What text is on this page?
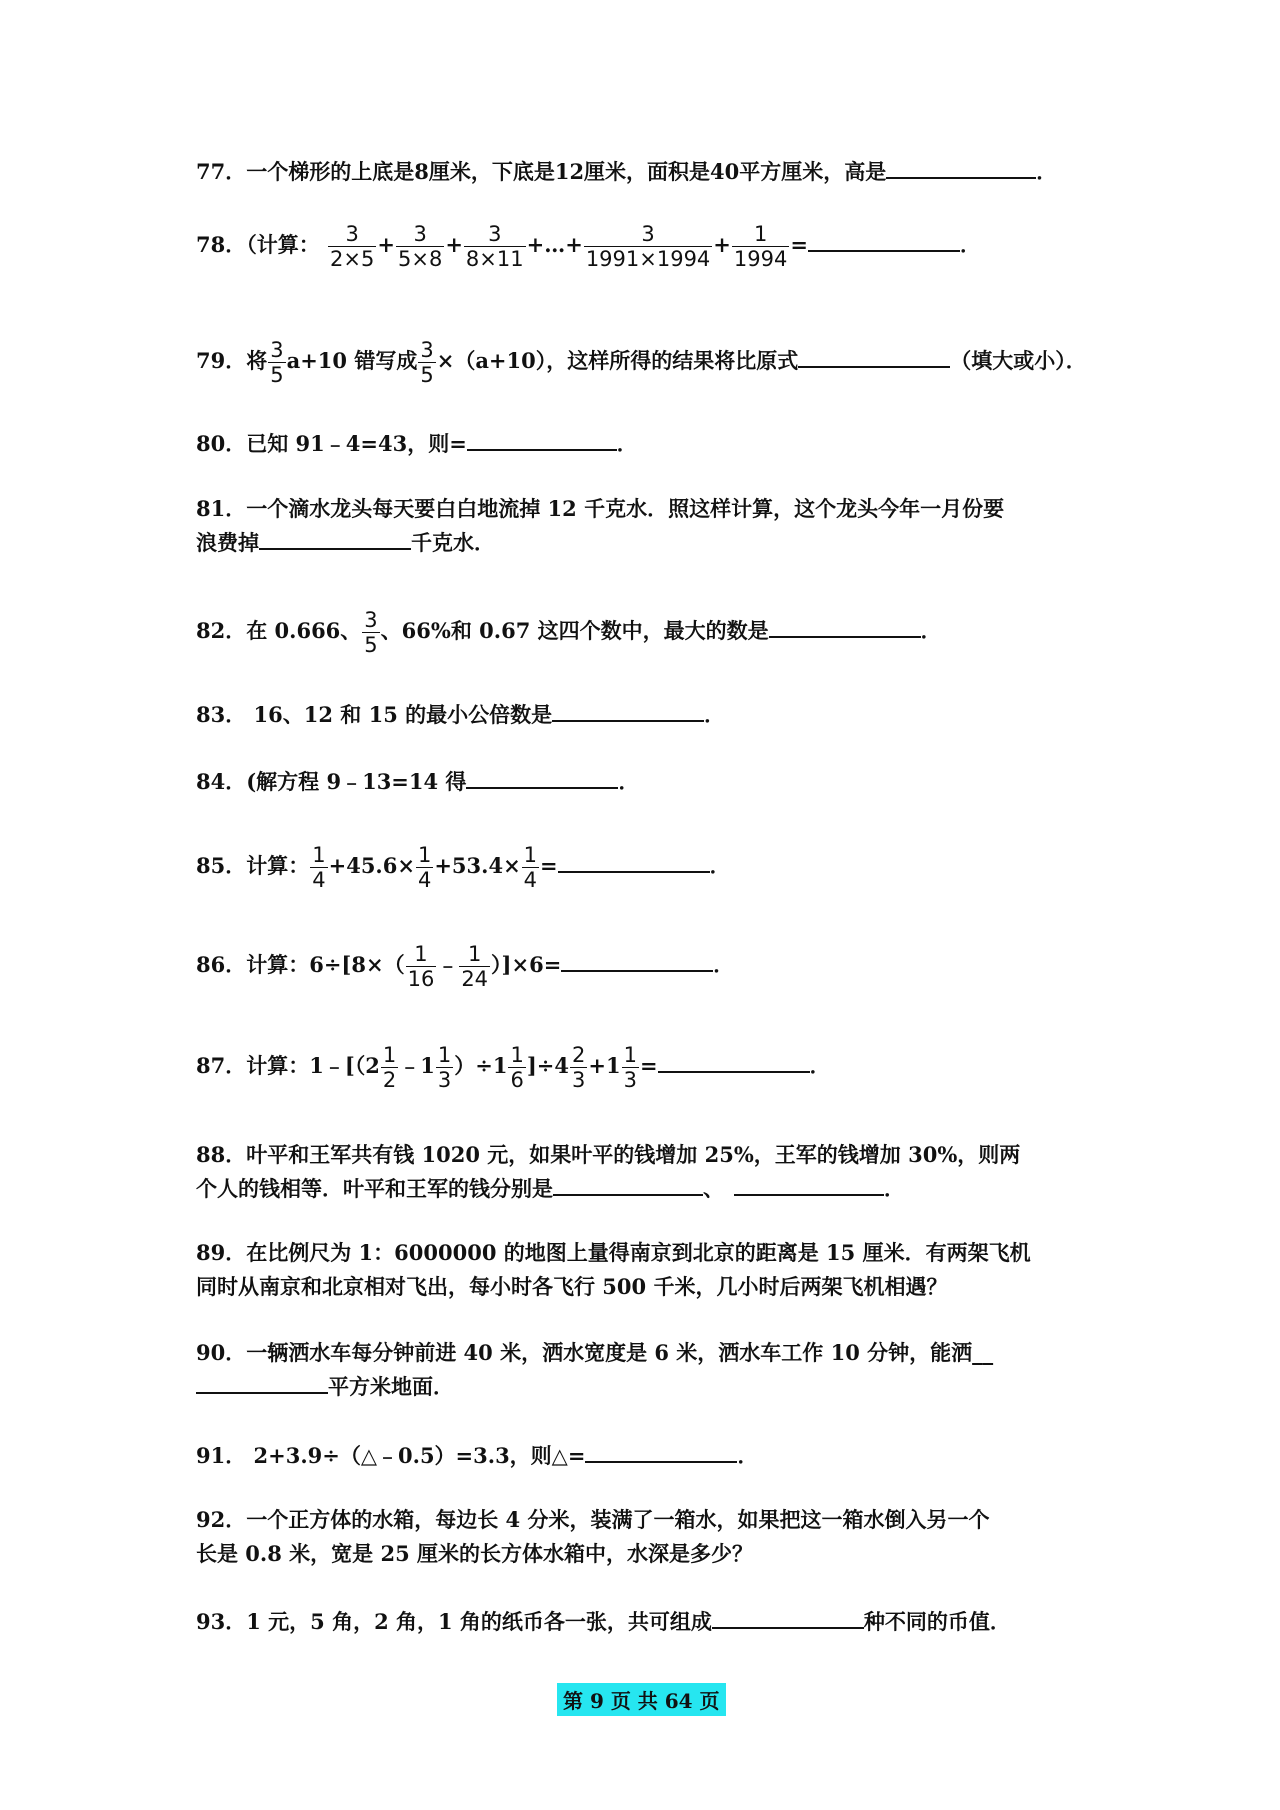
77．一个梯形的上底是8厘米，下底是12厘米，面积是40平方厘米，高是	．
78．（计算： $\frac{3}{2\times 5} + \frac{3}{5\times 8} + \frac{3}{8\times 11}$ +…+ $\frac{3}{1991\times 1994} + \frac{1}{1994}$ =	．
79．将 $\frac{3}{5} a+10$ 错写成 $\frac{3}{5} \times(a+10)$，这样所得的结果将比原式	（填大或小）．
80．已知 91﹣4=43，则=	．
81．一个滴水龙头每天要白白地流掉 12 千克水．照这样计算，这个龙头今年一月份要
浪费掉	千克水．
82．在 0.666、 $\frac{3}{5}$ 、66%和 0.67 这四个数中，最大的数是	．
83． 16、12 和 15 的最小公倍数是	．
84．(解方程 9﹣13=14 得	．
85．计算： $\frac{1}{4} +45.6\times \frac{1}{4} +53.4\times \frac{1}{4}$ =	．
86．计算：$6\div[8\times( \frac{1}{16}$ ﹣ $\frac{1}{24} )]\times 6=$	．
87．计算：1﹣[（2 $\frac{1}{2}$ ﹣1 $\frac{1}{3} )\div 1 \frac{1}{6} ]\div 4 \frac{2}{3} +1 \frac{1}{3}$ =	．
88．叶平和王军共有钱 1020 元，如果叶平的钱增加 25%，王军的钱增加 30%，则两
个人的钱相等．叶平和王军的钱分别是	、	．
89．在比例尺为 1：6000000 的地图上量得南京到北京的距离是 15 厘米．有两架飞机
同时从南京和北京相对飞出，每小时各飞行 500 千米，几小时后两架飞机相遇？
90．一辆洒水车每分钟前进 40 米，洒水宽度是 6 米，洒水车工作 10 分钟，能洒__
平方米地面．
91． 2+3.9÷（△﹣0.5）=3.3，则△=	．
92．一个正方体的水箱，每边长 4 分米，装满了一箱水，如果把这一箱水倒入另一个
长是 0.8 米，宽是 25 厘米的长方体水箱中，水深是多少？
93．1 元，5 角，2 角，1 角的纸币各一张，共可组成	种不同的币值．
第 9 页 共 64 页
